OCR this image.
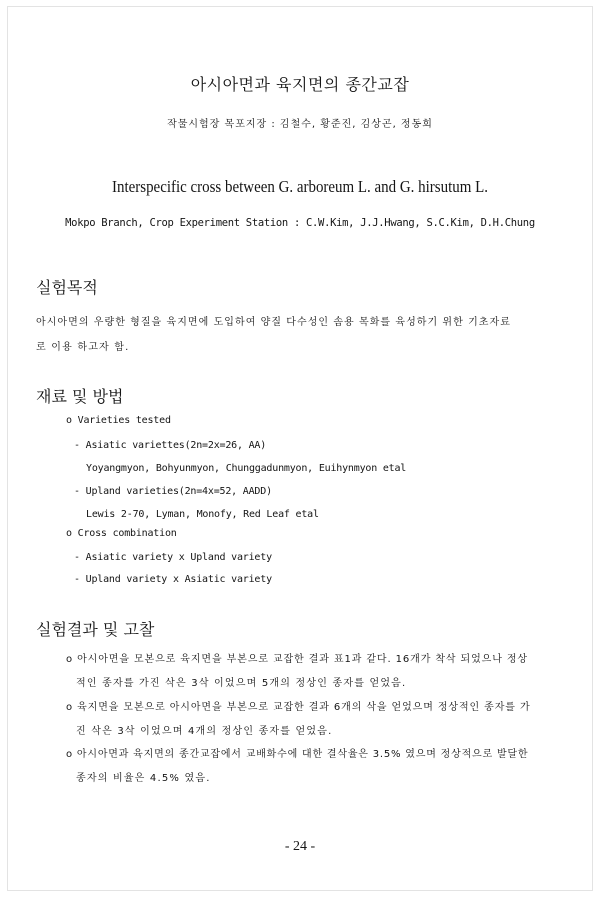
아시아면과 육지면의 종간교잡
작물시험장 목포지장 : 김철수, 황준진, 김상곤, 정동희
Interspecific cross between G. arboreum L. and G. hirsutum L.
Mokpo Branch, Crop Experiment Station : C.W.Kim, J.J.Hwang, S.C.Kim, D.H.Chung
실험목적
아시아면의 우량한 형질을 육지면에 도입하여 양질 다수성인 솜용 목화를 육성하기 위한 기초자료
로 이용 하고자 함.
재료 및 방법
o Varieties tested
- Asiatic variettes(2n=2x=26, AA)
Yoyangmyon, Bohyunmyon, Chunggadunmyon, Euihynmyon etal
- Upland varieties(2n=4x=52, AADD)
Lewis 2-70, Lyman, Monofy, Red Leaf etal
o Cross combination
- Asiatic variety x Upland variety
- Upland variety x Asiatic variety
실험결과 및 고찰
o 아시아면을 모본으로 육지면을 부본으로 교잡한 결과 표1과 같다. 16개가 착삭 되었으나 정상
적인 종자를 가진 삭은 3삭 이었으며 5개의 정상인 종자를 얻었음.
o 육지면을 모본으로 아시아면을 부본으로 교잡한 결과 6개의 삭을 얻었으며 정상적인 종자를 가
진 삭은 3삭 이었으며 4개의 정상인 종자를 얻었음.
o 아시아면과 육지면의 종간교잡에서 교배화수에 대한 결삭율은 3.5% 였으며 정상적으로 발달한
종자의 비율은 4.5% 였음.
- 24 -
